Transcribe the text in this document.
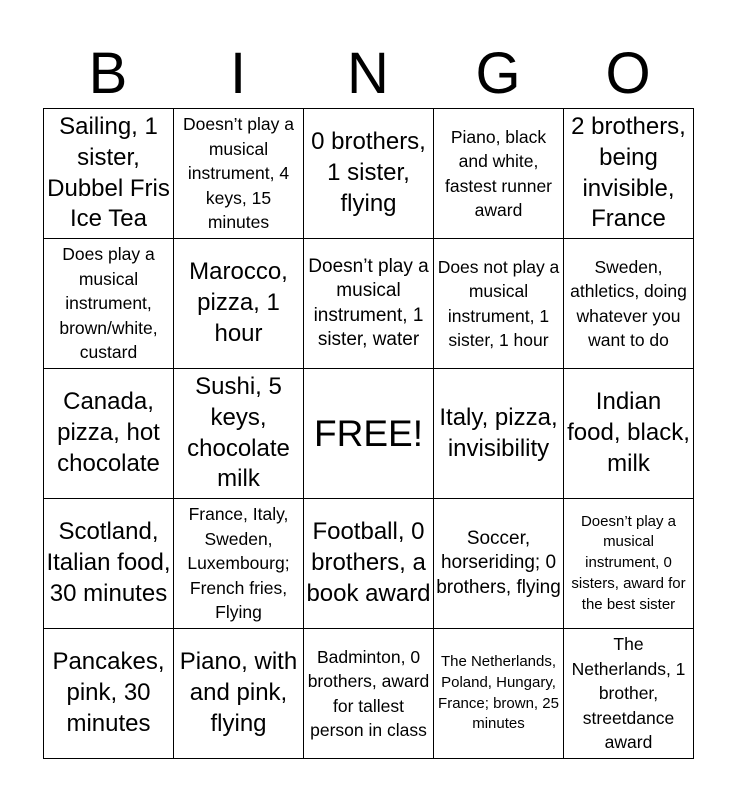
B	I	N	G	O
Sailing, 1 sister, Dubbel Fris Ice Tea	Doesn’t play a musical instrument, 4 keys, 15 minutes	0 brothers, 1 sister, flying	Piano, black and white, fastest runner award	2 brothers, being invisible, France

Does play a musical instrument, brown/white, custard	Marocco, pizza, 1 hour	Doesn’t play a musical instrument, 1 sister, water	Does not play a musical instrument, 1 sister, 1 hour	Sweden, athletics, doing whatever you want to do

Canada, pizza, hot chocolate	Sushi, 5 keys, chocolate milk	FREE!	Italy, pizza, invisibility	Indian food, black, milk

Scotland, Italian food, 30 minutes	France, Italy, Sweden, Luxembourg; French fries, Flying	Football, 0 brothers, a book award	Soccer, horseriding; 0 brothers, flying	Doesn’t play a musical instrument, 0 sisters, award for the best sister

Pancakes, pink, 30 minutes	Piano, with and pink, flying	Badminton, 0 brothers, award for tallest person in class	The Netherlands, Poland, Hungary, France; brown, 25 minutes	The Netherlands, 1 brother, streetdance award
